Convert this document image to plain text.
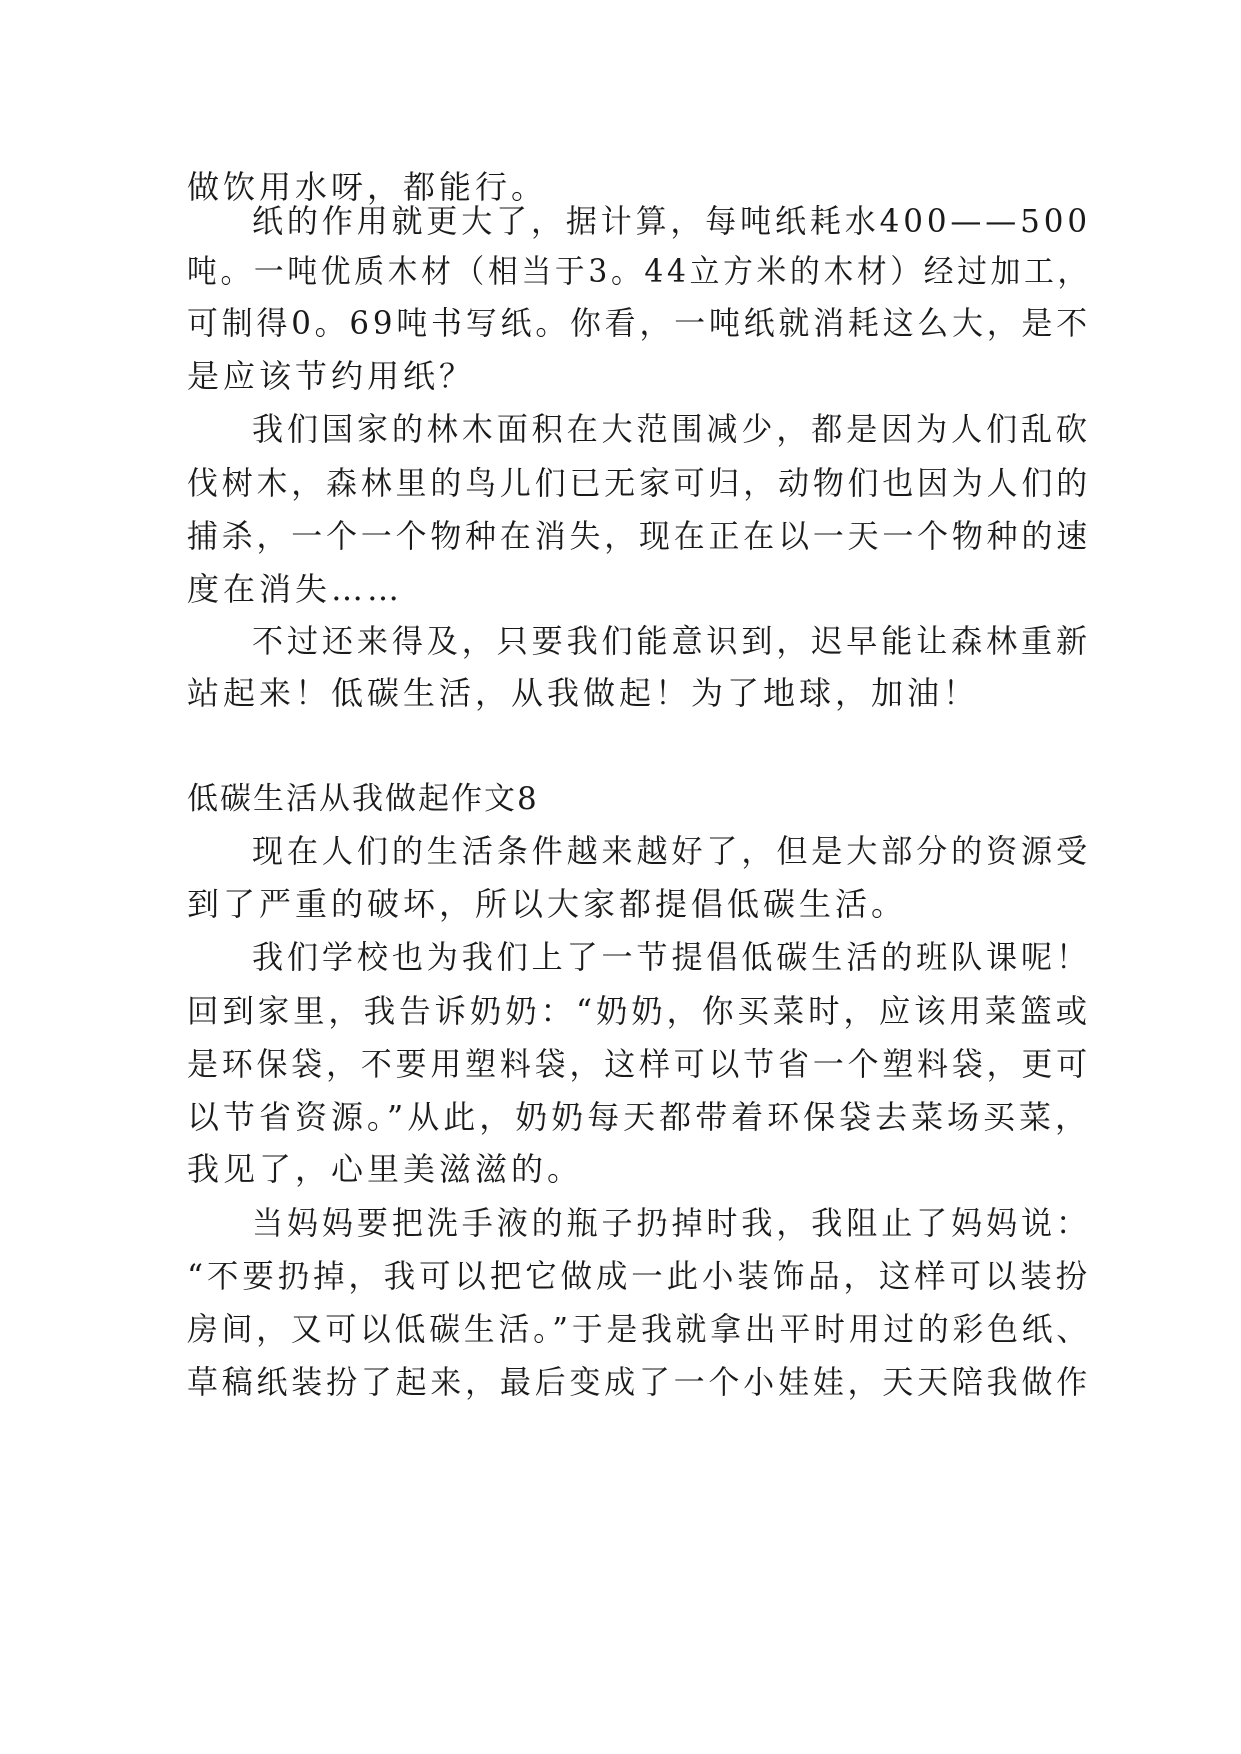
做饮用水呀，都能行。
纸的作用就更大了，据计算，每吨纸耗水400——500
吨。一吨优质木材（相当于3。44立方米的木材）经过加工，
可制得0。69吨书写纸。你看，一吨纸就消耗这么大，是不
是应该节约用纸？
我们国家的林木面积在大范围减少，都是因为人们乱砍
伐树木，森林里的鸟儿们已无家可归，动物们也因为人们的
捕杀，一个一个物种在消失，现在正在以一天一个物种的速
度在消失……
不过还来得及，只要我们能意识到，迟早能让森林重新
站起来！低碳生活，从我做起！为了地球，加油！
低碳生活从我做起作文8
现在人们的生活条件越来越好了，但是大部分的资源受
到了严重的破坏，所以大家都提倡低碳生活。
我们学校也为我们上了一节提倡低碳生活的班队课呢！
回到家里，我告诉奶奶：“奶奶，你买菜时，应该用菜篮或
是环保袋，不要用塑料袋，这样可以节省一个塑料袋，更可
以节省资源。”从此，奶奶每天都带着环保袋去菜场买菜，
我见了，心里美滋滋的。
当妈妈要把洗手液的瓶子扔掉时我，我阻止了妈妈说：
“不要扔掉，我可以把它做成一此小装饰品，这样可以装扮
房间，又可以低碳生活。”于是我就拿出平时用过的彩色纸、
草稿纸装扮了起来，最后变成了一个小娃娃，天天陪我做作
